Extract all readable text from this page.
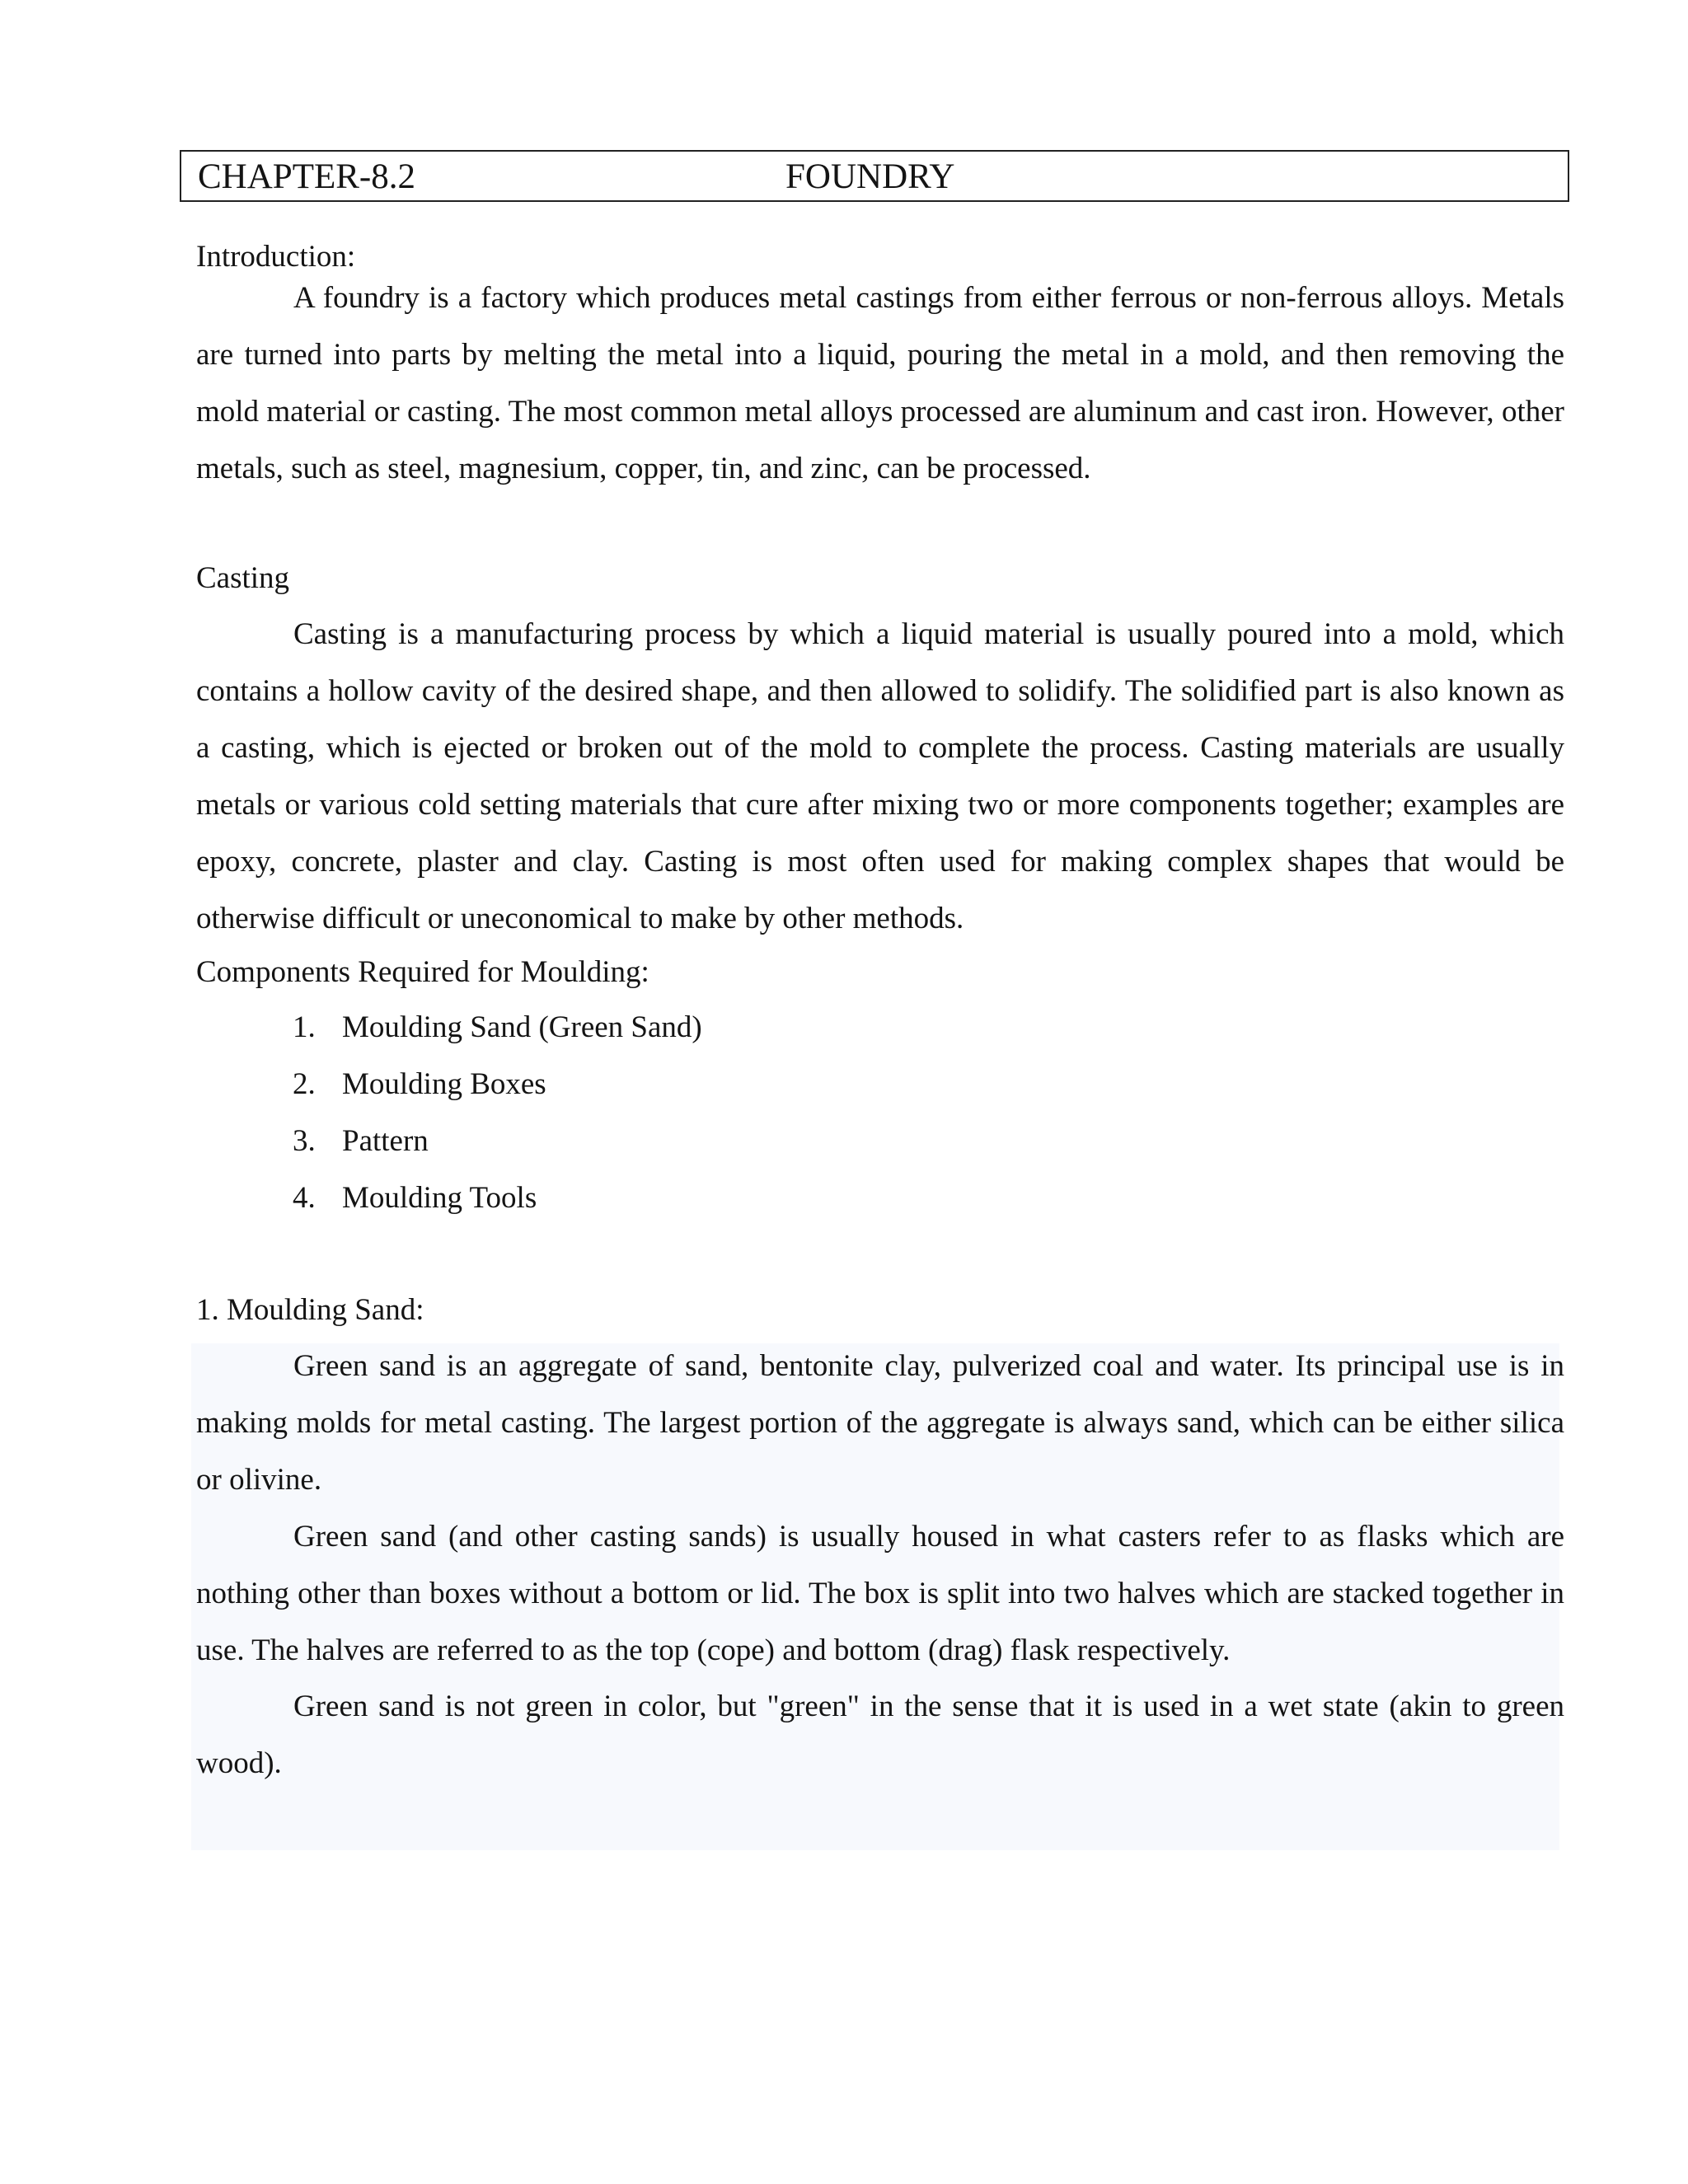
CHAPTER-8.2	FOUNDRY
Introduction:
A foundry is a factory which produces metal castings from either ferrous or non-ferrous alloys. Metals are turned into parts by melting the metal into a liquid, pouring the metal in a mold, and then removing the mold material or casting. The most common metal alloys processed are aluminum and cast iron. However, other metals, such as steel, magnesium, copper, tin, and zinc, can be processed.
Casting
Casting is a manufacturing process by which a liquid material is usually poured into a mold, which contains a hollow cavity of the desired shape, and then allowed to solidify. The solidified part is also known as a casting, which is ejected or broken out of the mold to complete the process. Casting materials are usually metals or various cold setting materials that cure after mixing two or more components together; examples are epoxy, concrete, plaster and clay. Casting is most often used for making complex shapes that would be otherwise difficult or uneconomical to make by other methods.
Components Required for Moulding:
1. Moulding Sand (Green Sand)
2. Moulding Boxes
3. Pattern
4. Moulding Tools
1. Moulding Sand:
Green sand is an aggregate of sand, bentonite clay, pulverized coal and water. Its principal use is in making molds for metal casting. The largest portion of the aggregate is always sand, which can be either silica or olivine.
Green sand (and other casting sands) is usually housed in what casters refer to as flasks which are nothing other than boxes without a bottom or lid. The box is split into two halves which are stacked together in use. The halves are referred to as the top (cope) and bottom (drag) flask respectively.
Green sand is not green in color, but "green" in the sense that it is used in a wet state (akin to green wood).
